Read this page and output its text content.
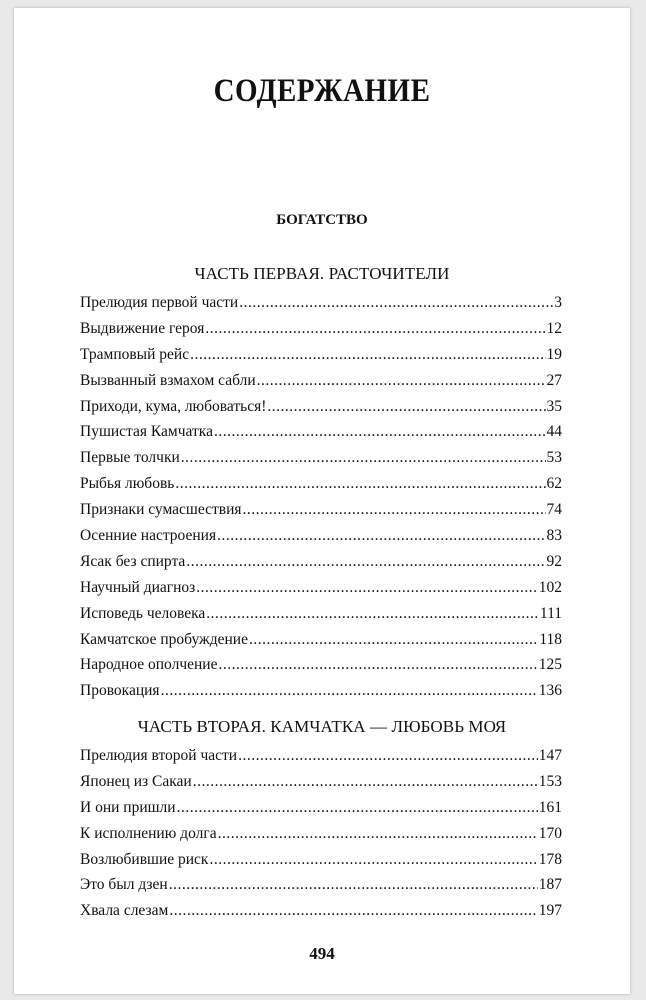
СОДЕРЖАНИЕ
БОГАТСТВО
ЧАСТЬ ПЕРВАЯ. РАСТОЧИТЕЛИ
Прелюдия первой части .....	3
Выдвижение героя .....	12
Трамповый рейс .....	19
Вызванный взмахом сабли .....	27
Приходи, кума, любоваться! .....	35
Пушистая Камчатка .....	44
Первые толчки .....	53
Рыбья любовь .....	62
Признаки сумасшествия .....	74
Осенние настроения .....	83
Ясак без спирта .....	92
Научный диагноз .....	102
Исповедь человека .....	111
Камчатское пробуждение .....	118
Народное ополчение .....	125
Провокация .....	136
ЧАСТЬ ВТОРАЯ. КАМЧАТКА — ЛЮБОВЬ МОЯ
Прелюдия второй части .....	147
Японец из Сакаи .....	153
И они пришли .....	161
К исполнению долга .....	170
Возлюбившие риск .....	178
Это был дзен .....	187
Хвала слезам .....	197
494
